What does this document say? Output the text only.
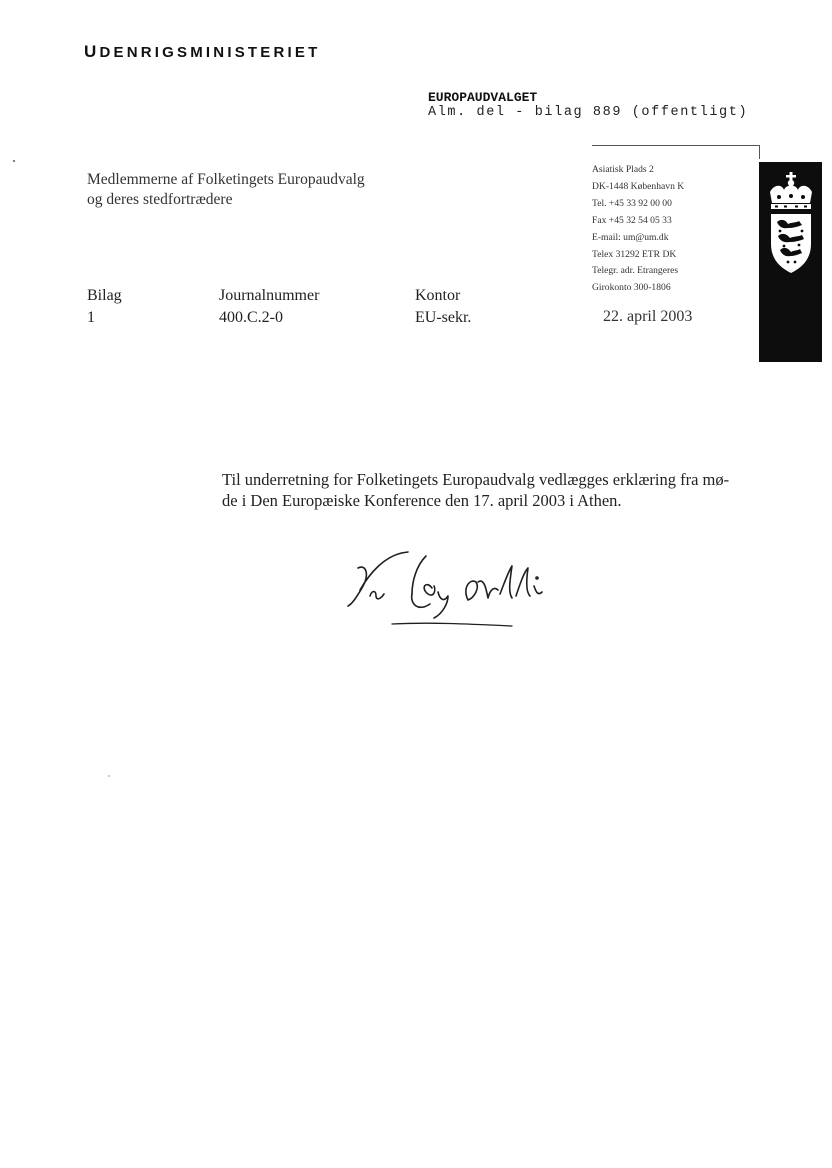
UDENRIGSMINISTERIET
EUROPAUDVALGET
Alm. del - bilag 889 (offentligt)
Medlemmerne af Folketingets Europaudvalg
og deres stedfortrædere
Asiatisk Plads 2
DK-1448 København K
Tel. +45 33 92 00 00
Fax +45 32 54 05 33
E-mail: um@um.dk
Telex 31292 ETR DK
Telegr. adr. Etrangeres
Girokonto 300-1806
Bilag
1
Journalnummer
400.C.2-0
Kontor
EU-sekr.	22. april 2003
Til underretning for Folketingets Europaudvalg vedlægges erklæring fra mø-
de i Den Europæiske Konference den 17. april 2003 i Athen.
